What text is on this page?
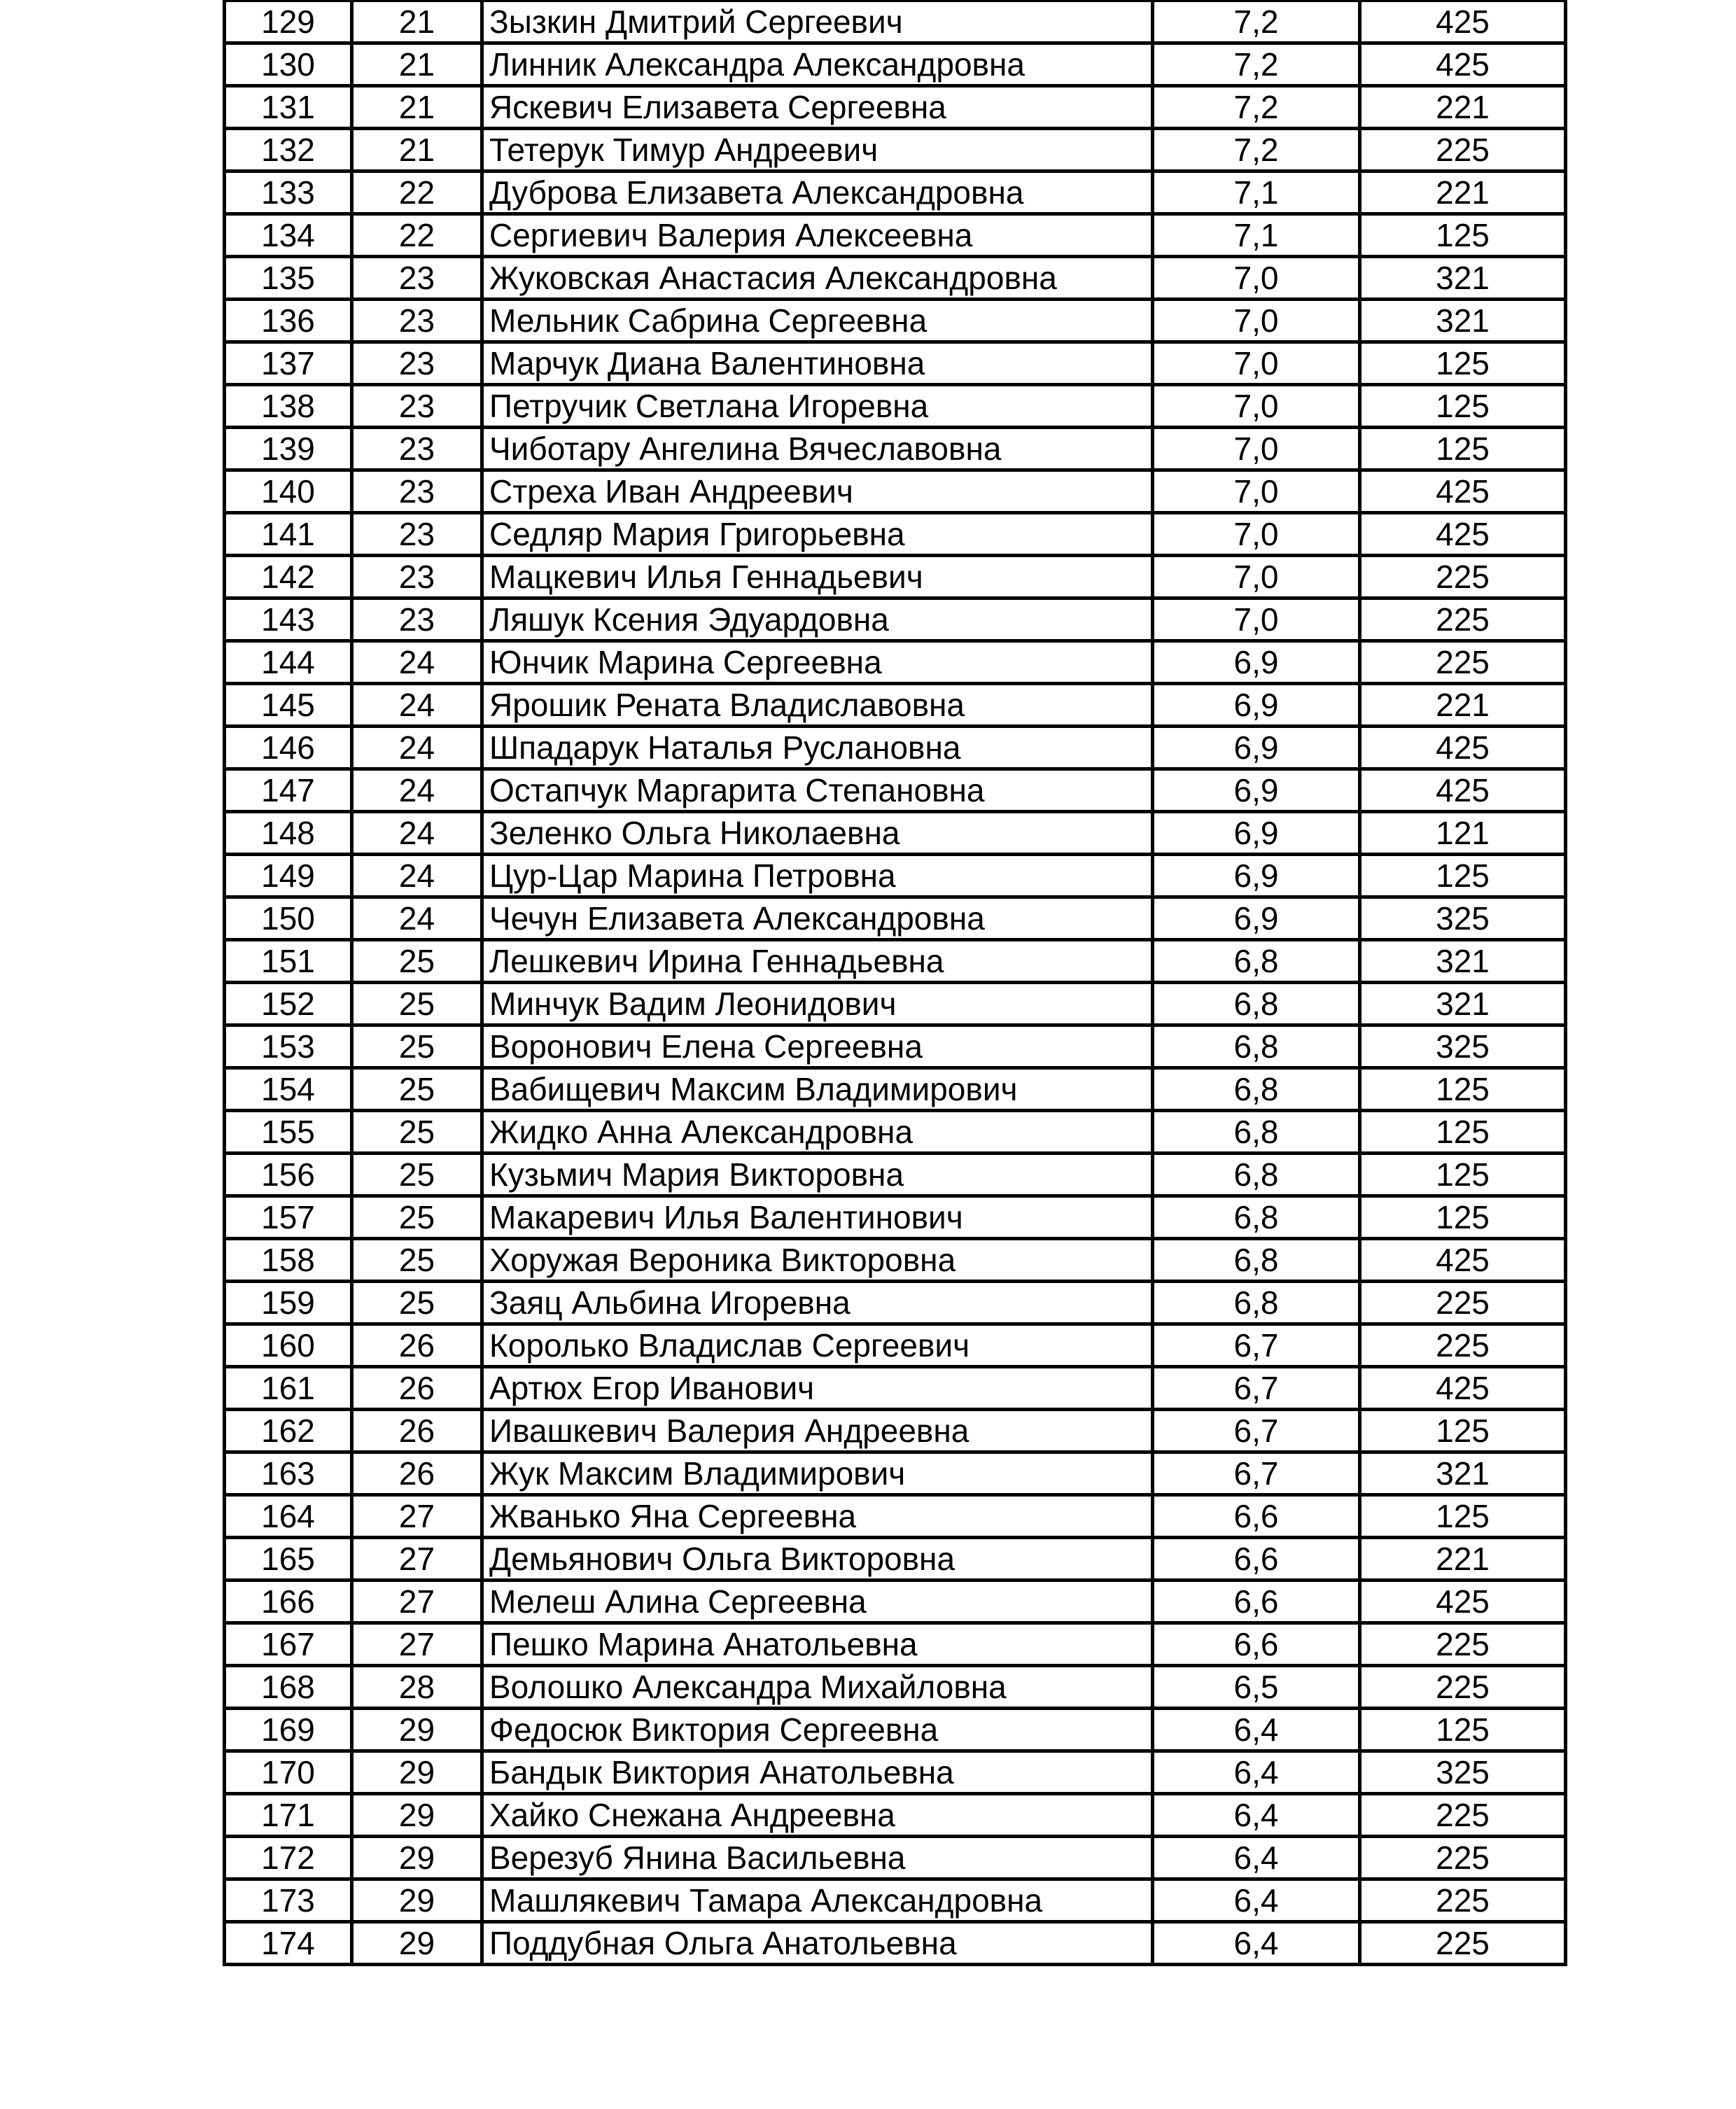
129	21	Зызкин Дмитрий Сергеевич	7,2	425
130	21	Линник Александра Александровна	7,2	425
131	21	Яскевич Елизавета Сергеевна	7,2	221
132	21	Тетерук Тимур Андреевич	7,2	225
133	22	Дуброва Елизавета Александровна	7,1	221
134	22	Сергиевич Валерия Алексеевна	7,1	125
135	23	Жуковская Анастасия Александровна	7,0	321
136	23	Мельник Сабрина Сергеевна	7,0	321
137	23	Марчук Диана Валентиновна	7,0	125
138	23	Петручик Светлана Игоревна	7,0	125
139	23	Чиботару Ангелина Вячеславовна	7,0	125
140	23	Стреха Иван Андреевич	7,0	425
141	23	Седляр Мария Григорьевна	7,0	425
142	23	Мацкевич Илья Геннадьевич	7,0	225
143	23	Ляшук Ксения Эдуардовна	7,0	225
144	24	Юнчик Марина Сергеевна	6,9	225
145	24	Ярошик Рената Владиславовна	6,9	221
146	24	Шпадарук Наталья Руслановна	6,9	425
147	24	Остапчук Маргарита Степановна	6,9	425
148	24	Зеленко Ольга Николаевна	6,9	121
149	24	Цур-Цар Марина Петровна	6,9	125
150	24	Чечун Елизавета Александровна	6,9	325
151	25	Лешкевич Ирина Геннадьевна	6,8	321
152	25	Минчук Вадим Леонидович	6,8	321
153	25	Воронович Елена Сергеевна	6,8	325
154	25	Вабищевич Максим Владимирович	6,8	125
155	25	Жидко Анна Александровна	6,8	125
156	25	Кузьмич Мария Викторовна	6,8	125
157	25	Макаревич Илья Валентинович	6,8	125
158	25	Хоружая Вероника Викторовна	6,8	425
159	25	Заяц Альбина Игоревна	6,8	225
160	26	Королько Владислав Сергеевич	6,7	225
161	26	Артюх Егор Иванович	6,7	425
162	26	Ивашкевич Валерия Андреевна	6,7	125
163	26	Жук Максим Владимирович	6,7	321
164	27	Жванько Яна Сергеевна	6,6	125
165	27	Демьянович Ольга Викторовна	6,6	221
166	27	Мелеш Алина Сергеевна	6,6	425
167	27	Пешко Марина Анатольевна	6,6	225
168	28	Волошко Александра Михайловна	6,5	225
169	29	Федосюк Виктория Сергеевна	6,4	125
170	29	Бандык Виктория Анатольевна	6,4	325
171	29	Хайко Снежана Андреевна	6,4	225
172	29	Верезуб Янина Васильевна	6,4	225
173	29	Машлякевич Тамара Александровна	6,4	225
174	29	Поддубная Ольга Анатольевна	6,4	225
